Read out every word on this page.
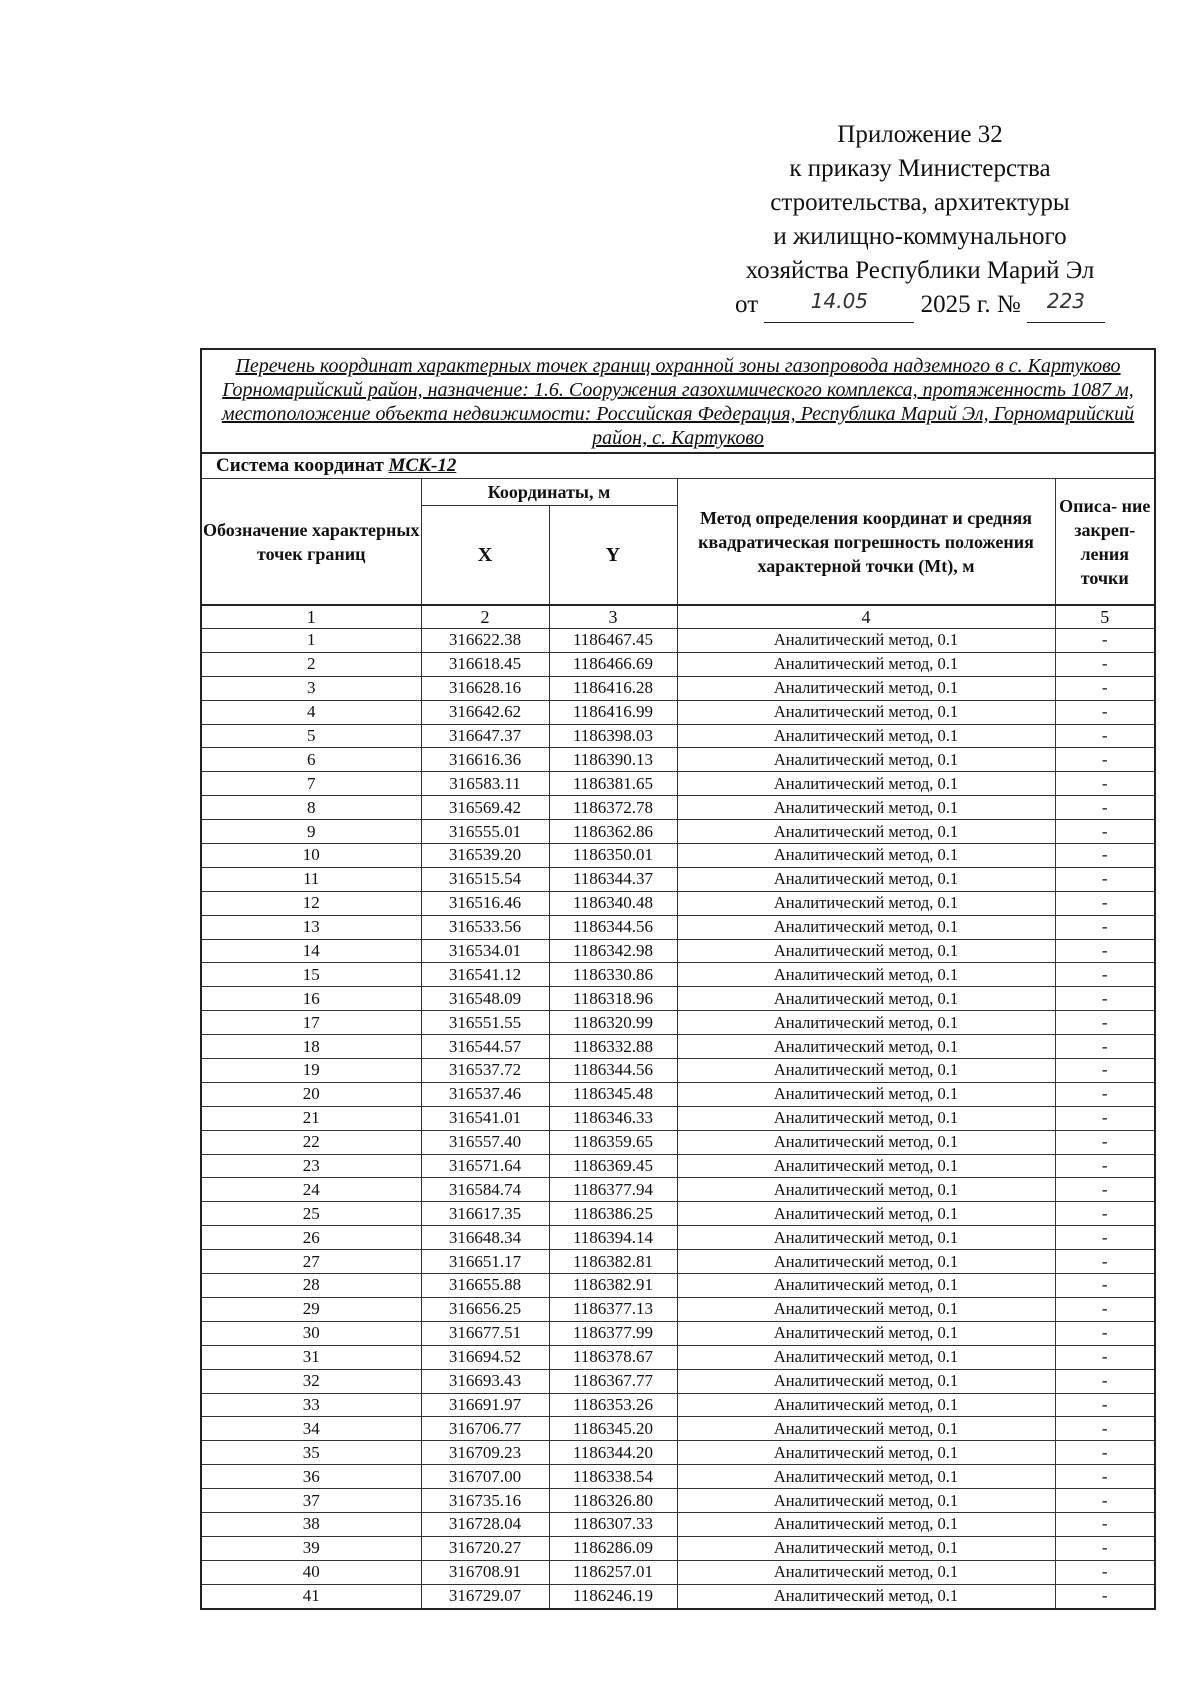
Приложение 32
к приказу Министерства
строительства, архитектуры
и жилищно-коммунального
хозяйства Республики Марий Эл
от	14.05 2025 г. № 223
Перечень координат характерных точек границ охранной зоны газопровода надземного в с. Картуково Горномарийский район, назначение: 1.6. Сооружения газохимического комплекса, протяженность 1087 м, местоположение объекта недвижимости: Российская Федерация, Республика Марий Эл, Горномарийский район, с. Картуково				
Система координат МСК-12				
Обозначение характерных точек границ	Координаты, м		Метод определения координат и средняя квадратическая погрешность положения характерной точки (Mt), м	Описа- ние закреп- ления точки
	X	Y		
1	2	3	4	5
1	316622.38	1186467.45	Аналитический метод, 0.1	-
2	316618.45	1186466.69	Аналитический метод, 0.1	-
3	316628.16	1186416.28	Аналитический метод, 0.1	-
4	316642.62	1186416.99	Аналитический метод, 0.1	-
5	316647.37	1186398.03	Аналитический метод, 0.1	-
6	316616.36	1186390.13	Аналитический метод, 0.1	-
7	316583.11	1186381.65	Аналитический метод, 0.1	-
8	316569.42	1186372.78	Аналитический метод, 0.1	-
9	316555.01	1186362.86	Аналитический метод, 0.1	-
10	316539.20	1186350.01	Аналитический метод, 0.1	-
11	316515.54	1186344.37	Аналитический метод, 0.1	-
12	316516.46	1186340.48	Аналитический метод, 0.1	-
13	316533.56	1186344.56	Аналитический метод, 0.1	-
14	316534.01	1186342.98	Аналитический метод, 0.1	-
15	316541.12	1186330.86	Аналитический метод, 0.1	-
16	316548.09	1186318.96	Аналитический метод, 0.1	-
17	316551.55	1186320.99	Аналитический метод, 0.1	-
18	316544.57	1186332.88	Аналитический метод, 0.1	-
19	316537.72	1186344.56	Аналитический метод, 0.1	-
20	316537.46	1186345.48	Аналитический метод, 0.1	-
21	316541.01	1186346.33	Аналитический метод, 0.1	-
22	316557.40	1186359.65	Аналитический метод, 0.1	-
23	316571.64	1186369.45	Аналитический метод, 0.1	-
24	316584.74	1186377.94	Аналитический метод, 0.1	-
25	316617.35	1186386.25	Аналитический метод, 0.1	-
26	316648.34	1186394.14	Аналитический метод, 0.1	-
27	316651.17	1186382.81	Аналитический метод, 0.1	-
28	316655.88	1186382.91	Аналитический метод, 0.1	-
29	316656.25	1186377.13	Аналитический метод, 0.1	-
30	316677.51	1186377.99	Аналитический метод, 0.1	-
31	316694.52	1186378.67	Аналитический метод, 0.1	-
32	316693.43	1186367.77	Аналитический метод, 0.1	-
33	316691.97	1186353.26	Аналитический метод, 0.1	-
34	316706.77	1186345.20	Аналитический метод, 0.1	-
35	316709.23	1186344.20	Аналитический метод, 0.1	-
36	316707.00	1186338.54	Аналитический метод, 0.1	-
37	316735.16	1186326.80	Аналитический метод, 0.1	-
38	316728.04	1186307.33	Аналитический метод, 0.1	-
39	316720.27	1186286.09	Аналитический метод, 0.1	-
40	316708.91	1186257.01	Аналитический метод, 0.1	-
41	316729.07	1186246.19	Аналитический метод, 0.1	-
